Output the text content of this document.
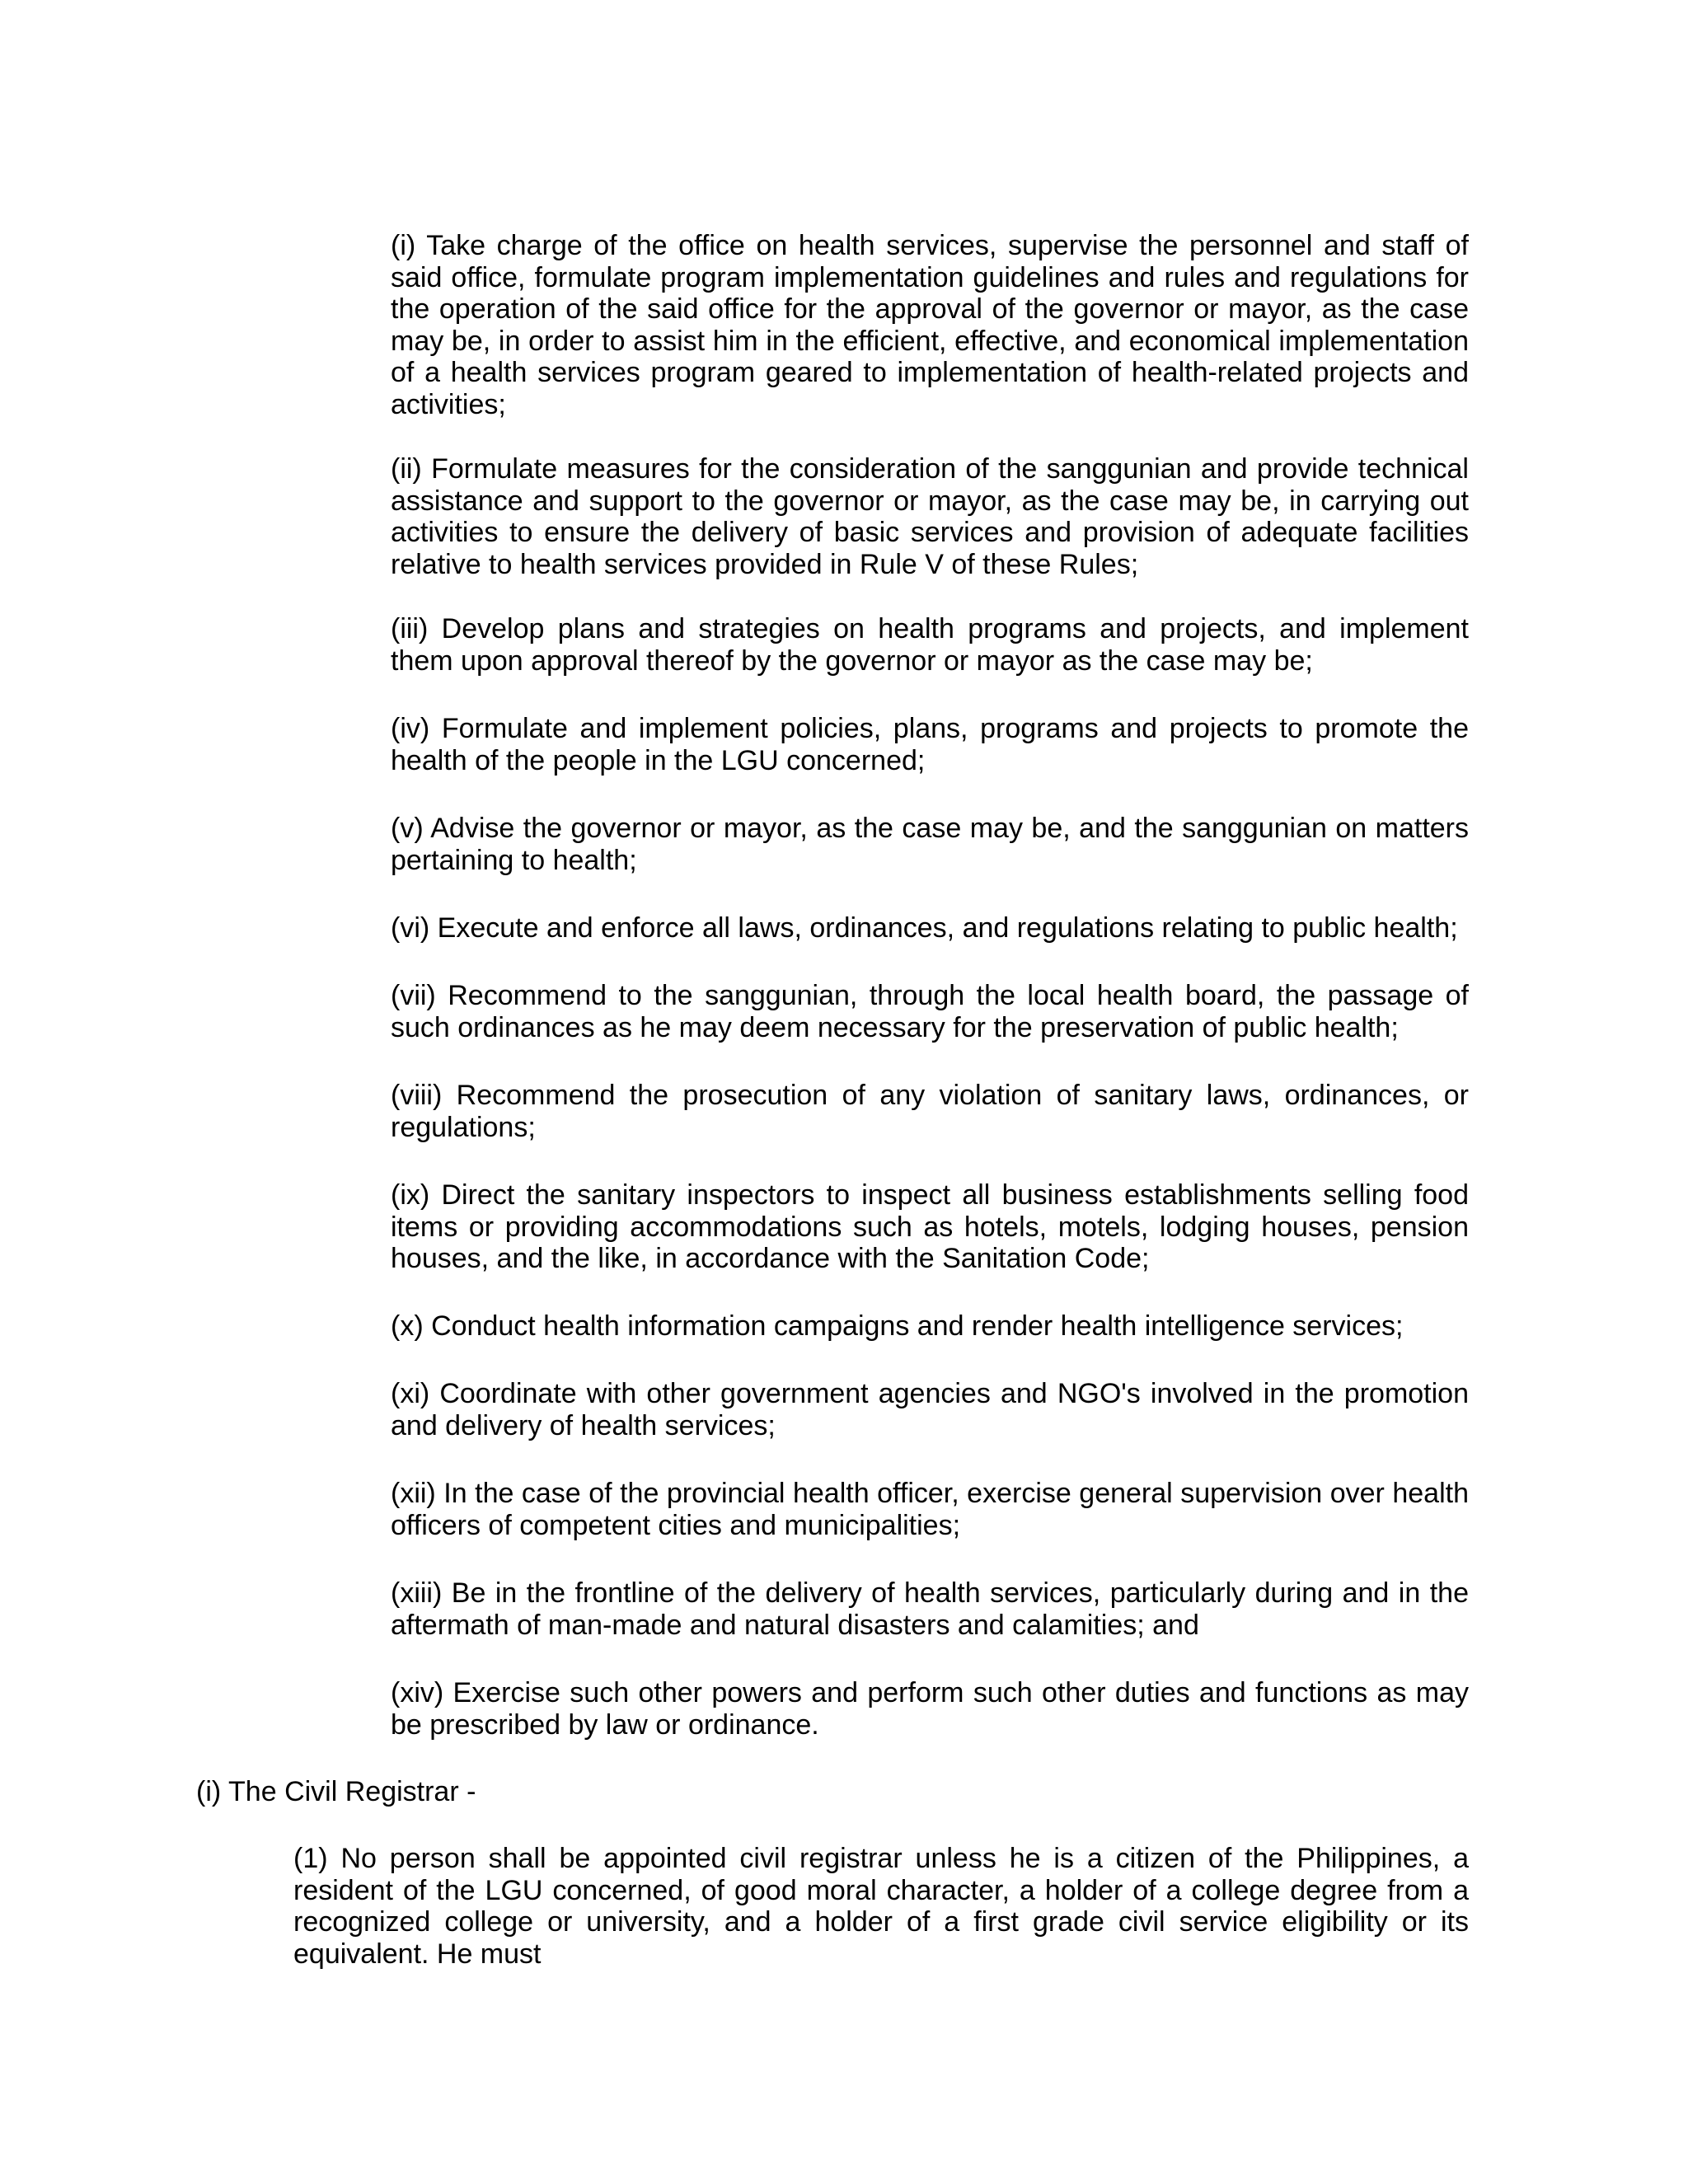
(i) Take charge of the office on health services, supervise the personnel and staff of said office, formulate program implementation guidelines and rules and regulations for the operation of the said office for the approval of the governor or mayor, as the case may be, in order to assist him in the efficient, effective, and economical implementation of a health services program geared to implementation of health-related projects and activities;

(ii) Formulate measures for the consideration of the sanggunian and provide technical assistance and support to the governor or mayor, as the case may be, in carrying out activities to ensure the delivery of basic services and provision of adequate facilities relative to health services provided in Rule V of these Rules;

(iii) Develop plans and strategies on health programs and projects, and implement them upon approval thereof by the governor or mayor as the case may be;

(iv) Formulate and implement policies, plans, programs and projects to promote the health of the people in the LGU concerned;

(v) Advise the governor or mayor, as the case may be, and the sanggunian on matters pertaining to health;

(vi) Execute and enforce all laws, ordinances, and regulations relating to public health;

(vii) Recommend to the sanggunian, through the local health board, the passage of such ordinances as he may deem necessary for the preservation of public health;

(viii) Recommend the prosecution of any violation of sanitary laws, ordinances, or regulations;

(ix) Direct the sanitary inspectors to inspect all business establishments selling food items or providing accommodations such as hotels, motels, lodging houses, pension houses, and the like, in accordance with the Sanitation Code;

(x) Conduct health information campaigns and render health intelligence services;

(xi) Coordinate with other government agencies and NGO's involved in the promotion and delivery of health services;

(xii) In the case of the provincial health officer, exercise general supervision over health officers of competent cities and municipalities;

(xiii) Be in the frontline of the delivery of health services, particularly during and in the aftermath of man-made and natural disasters and calamities; and

(xiv) Exercise such other powers and perform such other duties and functions as may be prescribed by law or ordinance.

(i) The Civil Registrar -

(1) No person shall be appointed civil registrar unless he is a citizen of the Philippines, a resident of the LGU concerned, of good moral character, a holder of a college degree from a recognized college or university, and a holder of a first grade civil service eligibility or its equivalent. He must
